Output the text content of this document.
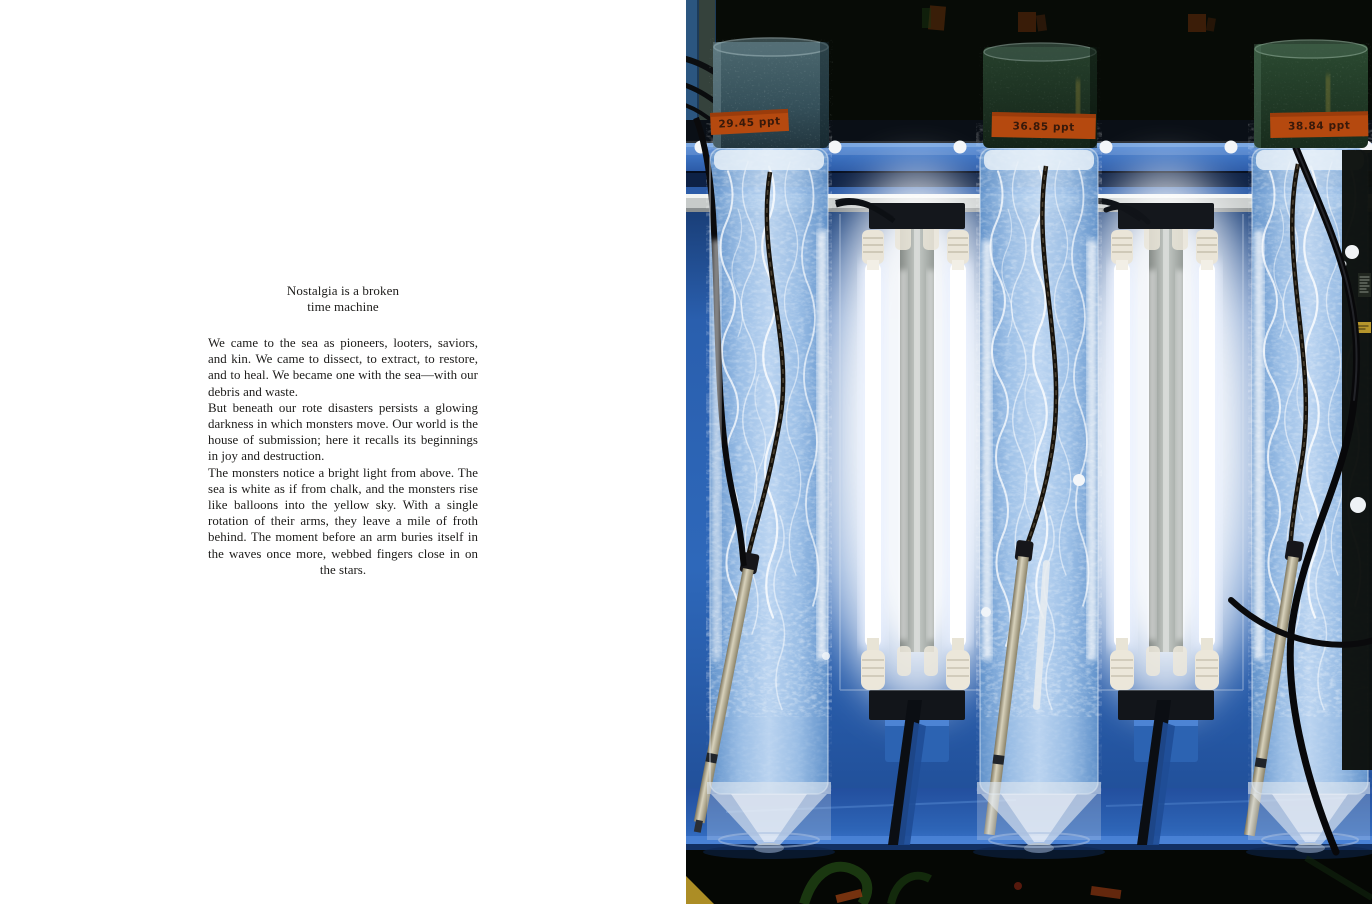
Nostalgia is a broken
time machine

We came to the sea as pioneers, looters, saviors, and kin. We came to dissect, to extract, to restore, and to heal. We became one with the sea—with our debris and waste.

But beneath our rote disasters persists a glowing darkness in which monsters move. Our world is the house of submission; here it recalls its beginnings in joy and destruction.

The monsters notice a bright light from above. The sea is white as if from chalk, and the monsters rise like balloons into the yellow sky. With a single rotation of their arms, they leave a mile of froth behind. The moment before an arm buries itself in the waves once more, webbed fingers close in on the stars.

29.45 ppt	36.85 ppt	38.84 ppt
